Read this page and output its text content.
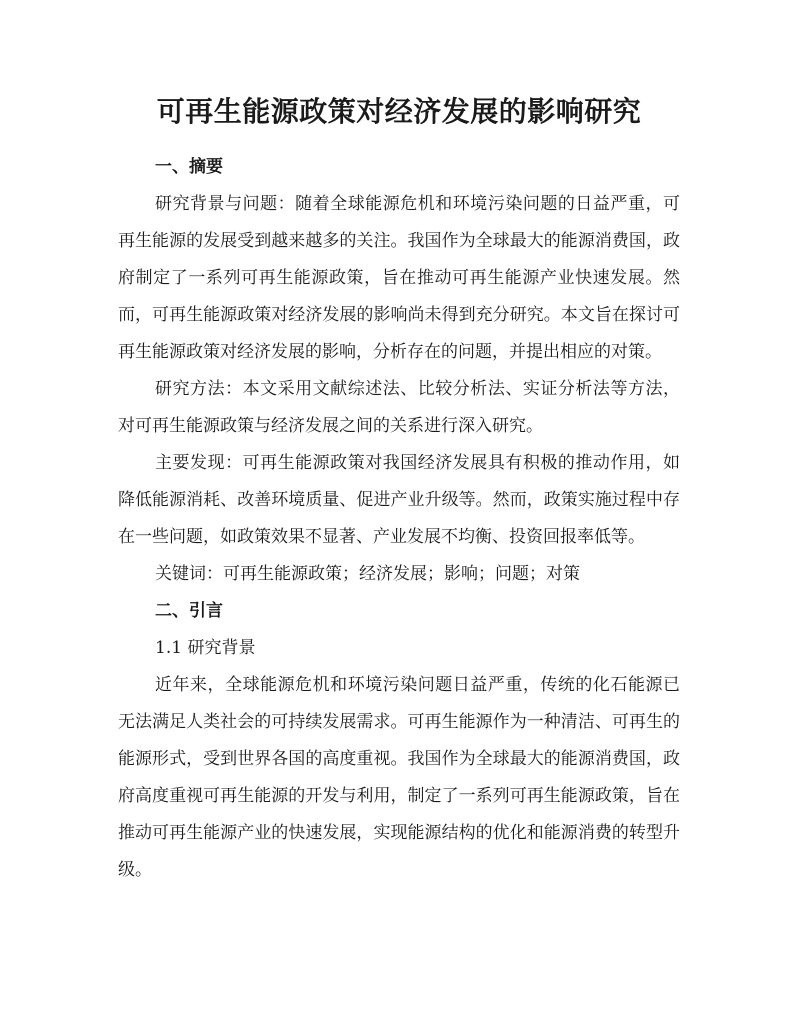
可再生能源政策对经济发展的影响研究
一、摘要

研究背景与问题：随着全球能源危机和环境污染问题的日益严重，可再生能源的发展受到越来越多的关注。我国作为全球最大的能源消费国，政府制定了一系列可再生能源政策，旨在推动可再生能源产业快速发展。然而，可再生能源政策对经济发展的影响尚未得到充分研究。本文旨在探讨可再生能源政策对经济发展的影响，分析存在的问题，并提出相应的对策。

研究方法：本文采用文献综述法、比较分析法、实证分析法等方法，对可再生能源政策与经济发展之间的关系进行深入研究。

主要发现：可再生能源政策对我国经济发展具有积极的推动作用，如降低能源消耗、改善环境质量、促进产业升级等。然而，政策实施过程中存在一些问题，如政策效果不显著、产业发展不均衡、投资回报率低等。

关键词：可再生能源政策；经济发展；影响；问题；对策

二、引言

1.1 研究背景

近年来，全球能源危机和环境污染问题日益严重，传统的化石能源已无法满足人类社会的可持续发展需求。可再生能源作为一种清洁、可再生的能源形式，受到世界各国的高度重视。我国作为全球最大的能源消费国，政府高度重视可再生能源的开发与利用，制定了一系列可再生能源政策，旨在推动可再生能源产业的快速发展，实现能源结构的优化和能源消费的转型升级。
